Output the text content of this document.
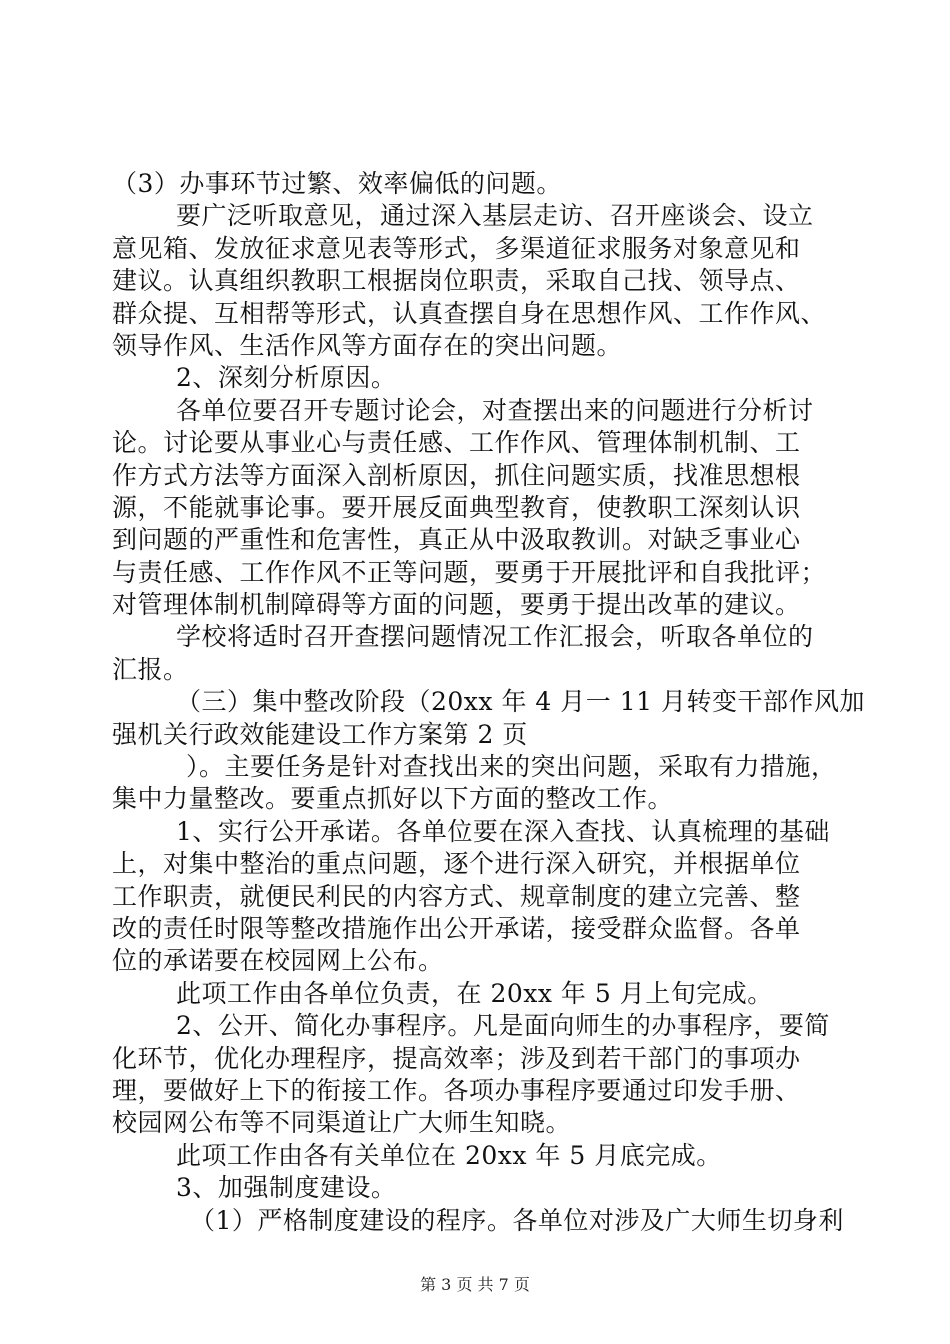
（3）办事环节过繁、效率偏低的问题。
要广泛听取意见，通过深入基层走访、召开座谈会、设立
意见箱、发放征求意见表等形式，多渠道征求服务对象意见和
建议。认真组织教职工根据岗位职责，采取自己找、领导点、
群众提、互相帮等形式，认真查摆自身在思想作风、工作作风、
领导作风、生活作风等方面存在的突出问题。
2、深刻分析原因。
各单位要召开专题讨论会，对查摆出来的问题进行分析讨
论。讨论要从事业心与责任感、工作作风、管理体制机制、工
作方式方法等方面深入剖析原因，抓住问题实质，找准思想根
源，不能就事论事。要开展反面典型教育，使教职工深刻认识
到问题的严重性和危害性，真正从中汲取教训。对缺乏事业心
与责任感、工作作风不正等问题，要勇于开展批评和自我批评；
对管理体制机制障碍等方面的问题，要勇于提出改革的建议。
学校将适时召开查摆问题情况工作汇报会，听取各单位的
汇报。
（三）集中整改阶段（20xx 年 4 月一 11 月转变干部作风加
强机关行政效能建设工作方案第 2 页
）。主要任务是针对查找出来的突出问题，采取有力措施，
集中力量整改。要重点抓好以下方面的整改工作。
1、实行公开承诺。各单位要在深入查找、认真梳理的基础
上，对集中整治的重点问题，逐个进行深入研究，并根据单位
工作职责，就便民利民的内容方式、规章制度的建立完善、整
改的责任时限等整改措施作出公开承诺，接受群众监督。各单
位的承诺要在校园网上公布。
此项工作由各单位负责，在 20xx 年 5 月上旬完成。
2、公开、简化办事程序。凡是面向师生的办事程序，要简
化环节，优化办理程序，提高效率；涉及到若干部门的事项办
理，要做好上下的衔接工作。各项办事程序要通过印发手册、
校园网公布等不同渠道让广大师生知晓。
此项工作由各有关单位在 20xx 年 5 月底完成。
3、加强制度建设。
（1）严格制度建设的程序。各单位对涉及广大师生切身利
第 3 页 共 7 页
